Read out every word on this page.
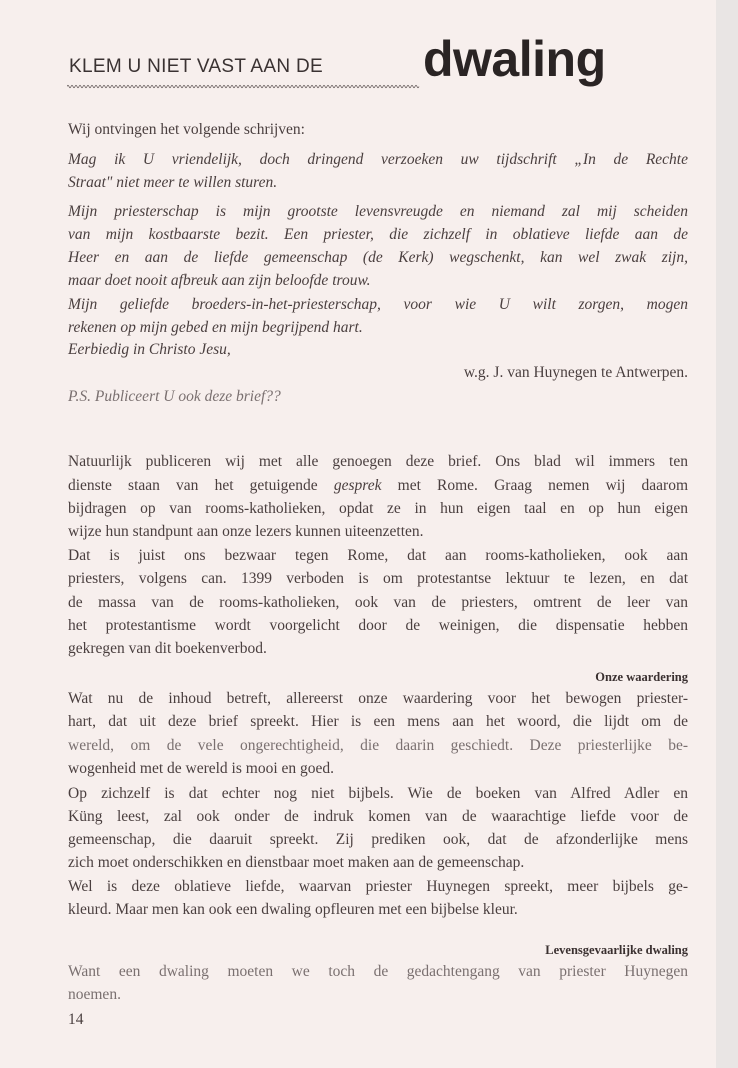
KLEM U NIET VAST AAN DE dwaling
Wij ontvingen het volgende schrijven:
Mag ik U vriendelijk, doch dringend verzoeken uw tijdschrift „In de Rechte
Straat" niet meer te willen sturen.
Mijn priesterschap is mijn grootste levensvreugde en niemand zal mij scheiden
van mijn kostbaarste bezit. Een priester, die zichzelf in oblatieve liefde aan de
Heer en aan de liefde gemeenschap (de Kerk) wegschenkt, kan wel zwak zijn,
maar doet nooit afbreuk aan zijn beloofde trouw.
Mijn geliefde broeders-in-het-priesterschap, voor wie U wilt zorgen, mogen
rekenen op mijn gebed en mijn begrijpend hart.
Eerbiedig in Christo Jesu,
w.g. J. van Huynegen te Antwerpen.
P.S. Publiceert U ook deze brief??
Natuurlijk publiceren wij met alle genoegen deze brief. Ons blad wil immers ten
dienste staan van het getuigende gesprek met Rome. Graag nemen wij daarom
bijdragen op van rooms-katholieken, opdat ze in hun eigen taal en op hun eigen
wijze hun standpunt aan onze lezers kunnen uiteenzetten.
Dat is juist ons bezwaar tegen Rome, dat aan rooms-katholieken, ook aan
priesters, volgens can. 1399 verboden is om protestantse lektuur te lezen, en dat
de massa van de rooms-katholieken, ook van de priesters, omtrent de leer van
het protestantisme wordt voorgelicht door de weinigen, die dispensatie hebben
gekregen van dit boekenverbod.
Onze waardering
Wat nu de inhoud betreft, allereerst onze waardering voor het bewogen priester-
hart, dat uit deze brief spreekt. Hier is een mens aan het woord, die lijdt om de
wereld, om de vele ongerechtigheid, die daarin geschiedt. Deze priesterlijke be-
wogenheid met de wereld is mooi en goed.
Op zichzelf is dat echter nog niet bijbels. Wie de boeken van Alfred Adler en
Küng leest, zal ook onder de indruk komen van de waarachtige liefde voor de
gemeenschap, die daaruit spreekt. Zij prediken ook, dat de afzonderlijke mens
zich moet onderschikken en dienstbaar moet maken aan de gemeenschap.
Wel is deze oblatieve liefde, waarvan priester Huynegen spreekt, meer bijbels ge-
kleurd. Maar men kan ook een dwaling opfleuren met een bijbelse kleur.
Levensgevaarlijke dwaling
Want een dwaling moeten we toch de gedachtengang van priester Huynegen
noemen.
14
